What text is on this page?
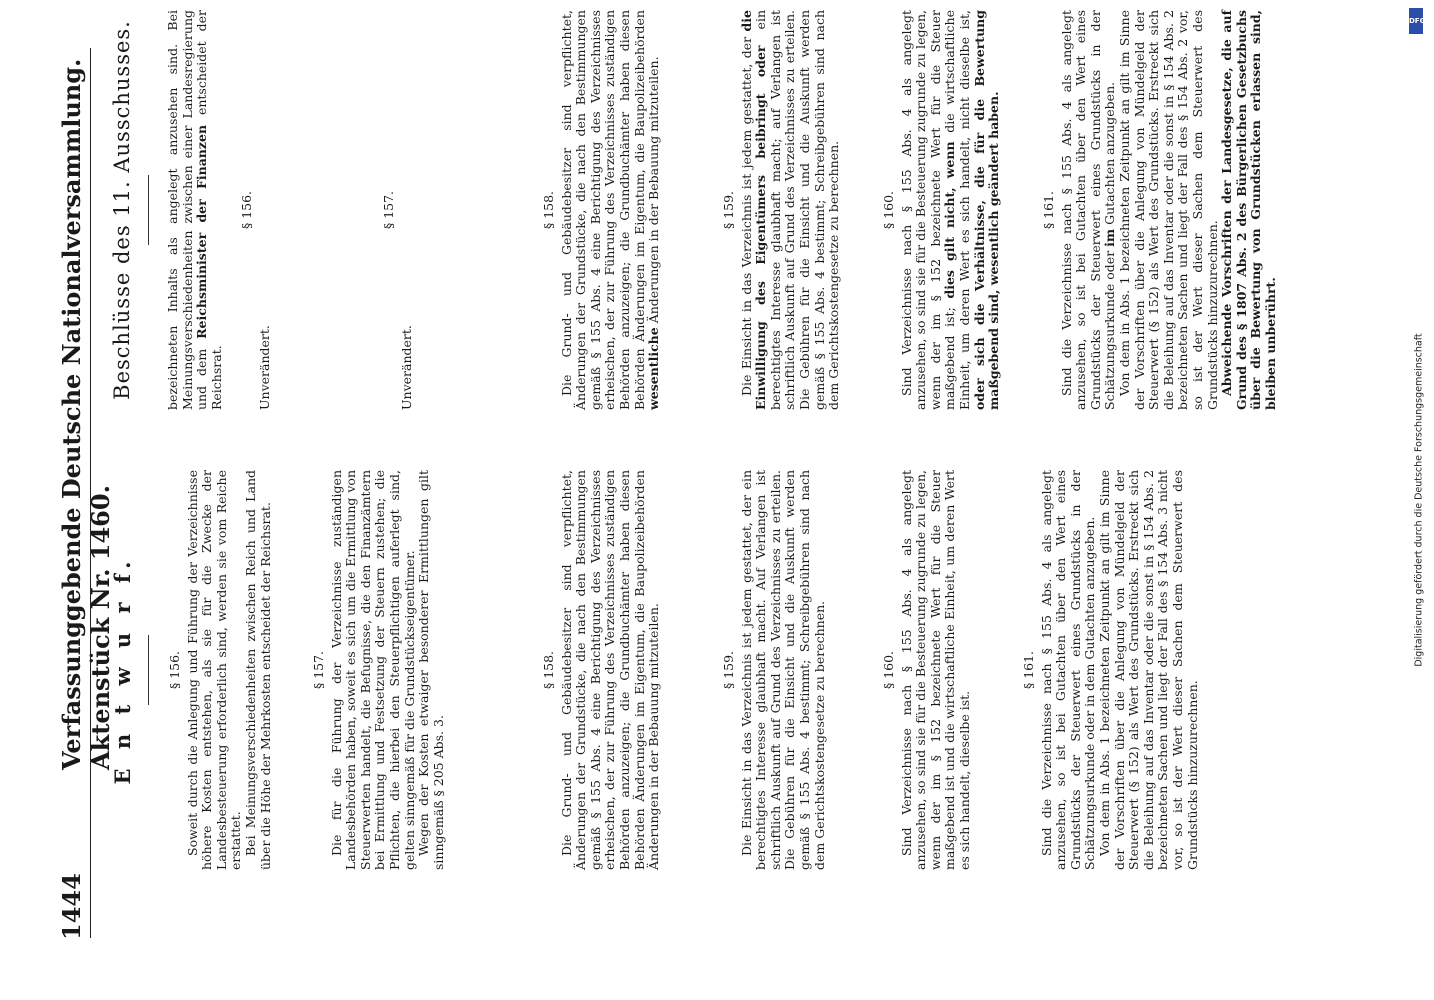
1444
Verfassunggebende Deutsche Nationalversammlung. Aktenstück Nr. 1460.
E n t w u r f.	§ 156. Soweit durch die Anlegung und Führung der Verzeichnisse höhere Kosten entstehen, als sie für die Zwecke der Landesbesteuerung erforderlich sind, werden sie vom Reiche erstattet. Bei Meinungsverschiedenheiten zwischen Reich und Land über die Höhe der Mehrkosten entscheidet der Reichsrat.	§ 157. Die für die Führung der Verzeichnisse zuständigen Landesbehörden haben, soweit es sich um die Ermittlung von Steuerwerten handelt, die Befugnisse, die den Finanzämtern bei Ermittlung und Festsetzung der Steuern zustehen; die Pflichten, die hierbei den Steuerpflichtigen auferlegt sind, gelten sinngemäß für die Grundstückseigentümer. Wegen der Kosten etwaiger besonderer Ermittlungen gilt sinngemäß § 205 Abs. 3.

§ 158. Die Grund- und Gebäudebesitzer sind verpflichtet, Änderungen der Grundstücke, die nach den Bestimmungen gemäß § 155 Abs. 4 eine Berichtigung des Verzeichnisses erheischen, der zur Führung des Verzeichnisses zuständigen Behörden anzuzeigen; die Grundbuchämter haben diesen Behörden Änderungen im Eigentum, die Baupolizeibehörden Änderungen in der Bebauung mitzuteilen.	§ 159. Die Einsicht in das Verzeichnis ist jedem gestattet, der ein berechtigtes Interesse glaubhaft macht. Auf Verlangen ist schriftlich Auskunft auf Grund des Verzeichnisses zu erteilen. Die Gebühren für die Einsicht und die Auskunft werden gemäß § 155 Abs. 4 bestimmt; Schreibgebühren sind nach dem Gerichtskostengesetze zu berechnen.	§ 160. Sind Verzeichnisse nach § 155 Abs. 4 als angelegt anzusehen, so sind sie für die Besteuerung zugrunde zu legen, wenn der im § 152 bezeichnete Wert für die Steuer maßgebend ist und die wirtschaftliche Einheit, um deren Wert es sich handelt, dieselbe ist.

§ 161. Sind die Verzeichnisse nach § 155 Abs. 4 als angelegt anzusehen, so ist bei Gutachten über den Wert eines Grundstücks der Steuerwert eines Grundstücks in der Schätzungsurkunde oder in dem Gutachten anzugeben. Von dem in Abs. 1 bezeichneten Zeitpunkt an gilt im Sinne der Vorschriften über die Anlegung von Mündelgeld der Steuerwert (§ 152) als Wert des Grundstücks. Erstreckt sich die Beleihung auf das Inventar oder die sonst in § 154 Abs. 2 bezeichneten Sachen und liegt der Fall des § 154 Abs. 3 nicht vor, so ist der Wert dieser Sachen dem Steuerwert des Grundstücks hinzuzurechnen.

Beschlüsse des 11. Ausschusses. bezeichneten Inhalts als angelegt anzusehen sind. Bei Meinungsverschiedenheiten zwischen einer Landesregierung und dem Reichsminister der Finanzen entscheidet der Reichsrat.

§ 156.

Unverändert.

§ 157.

Unverändert.

§ 158. Die Grund- und Gebäudebesitzer sind verpflichtet, Änderungen der Grundstücke, die nach den Bestimmungen gemäß § 155 Abs. 4 eine Berichtigung des Verzeichnisses erheischen, der zur Führung des Verzeichnisses zuständigen Behörden anzuzeigen; die Grundbuchämter haben diesen Behörden Änderungen im Eigentum, die Baupolizeibehörden wesentliche Änderungen in der Bebauung mitzuteilen.	§ 159. Die Einsicht in das Verzeichnis ist jedem gestattet, der die Einwilligung des Eigentümers beibringt oder ein berechtigtes Interesse glaubhaft macht; auf Verlangen ist schriftlich Auskunft auf Grund des Verzeichnisses zu erteilen. Die Gebühren für die Einsicht und die Auskunft werden gemäß § 155 Abs. 4 bestimmt; Schreibgebühren sind nach dem Gerichtskostengesetze zu berechnen.	§ 160. Sind Verzeichnisse nach § 155 Abs. 4 als angelegt anzusehen, so sind sie für die Besteuerung zugrunde zu legen, wenn der im § 152 bezeichnete Wert für die Steuer maßgebend ist; dies gilt nicht, wenn die wirtschaftliche Einheit, um deren Wert es sich handelt, nicht dieselbe ist, oder sich die Verhältnisse, die für die Bewertung maßgebend sind, wesentlich geändert haben.	§ 161. Sind die Verzeichnisse nach § 155 Abs. 4 als angelegt anzusehen, so ist bei Gutachten über den Wert eines Grundstücks der Steuerwert eines Grundstücks in der Schätzungsurkunde oder im Gutachten anzugeben. Von dem in Abs. 1 bezeichneten Zeitpunkt an gilt im Sinne der Vorschriften über die Anlegung von Mündelgeld der Steuerwert (§ 152) als Wert des Grundstücks. Erstreckt sich die Beleihung auf das Inventar oder die sonst in § 154 Abs. 2 bezeichneten Sachen und liegt der Fall des § 154 Abs. 2 vor, so ist der Wert dieser Sachen dem Steuerwert des Grundstücks hinzuzurechnen. Abweichende Vorschriften der Landesgesetze, die auf Grund des § 1807 Abs. 2 des Bürgerlichen Gesetzbuchs über die Bewertung von Grundstücken erlassen sind, bleiben unberührt.

DFG
Digitalisierung gefördert durch die Deutsche Forschungsgemeinschaft
